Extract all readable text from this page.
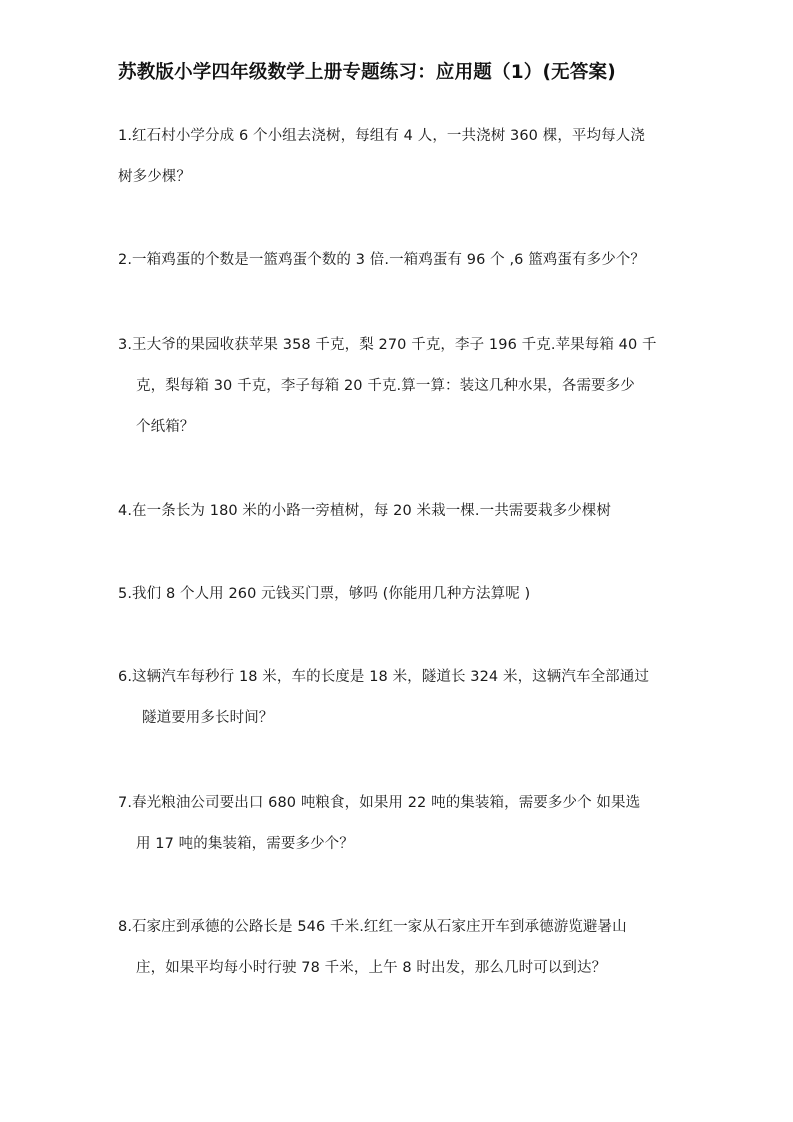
苏教版小学四年级数学上册专题练习：应用题（1）(无答案)
1.红石村小学分成 6 个小组去浇树，每组有 4 人，一共浇树 360 棵，平均每人浇
树多少棵？
2.一箱鸡蛋的个数是一篮鸡蛋个数的 3 倍.一箱鸡蛋有 96 个 ,6 篮鸡蛋有多少个？
3.王大爷的果园收获苹果 358 千克，梨 270 千克，李子 196 千克.苹果每箱 40 千
克，梨每箱 30 千克，李子每箱 20 千克.算一算：装这几种水果，各需要多少
个纸箱？
4.在一条长为 180 米的小路一旁植树，每 20 米栽一棵.一共需要栽多少棵树
5.我们 8 个人用 260 元钱买门票，够吗 (你能用几种方法算呢 )
6.这辆汽车每秒行 18 米，车的长度是 18 米，隧道长 324 米，这辆汽车全部通过
隧道要用多长时间？
7.春光粮油公司要出口 680 吨粮食，如果用 22 吨的集装箱，需要多少个 如果选
用 17 吨的集装箱，需要多少个？
8.石家庄到承德的公路长是 546 千米.红红一家从石家庄开车到承德游览避暑山
庄，如果平均每小时行驶 78 千米，上午 8 时出发，那么几时可以到达？
